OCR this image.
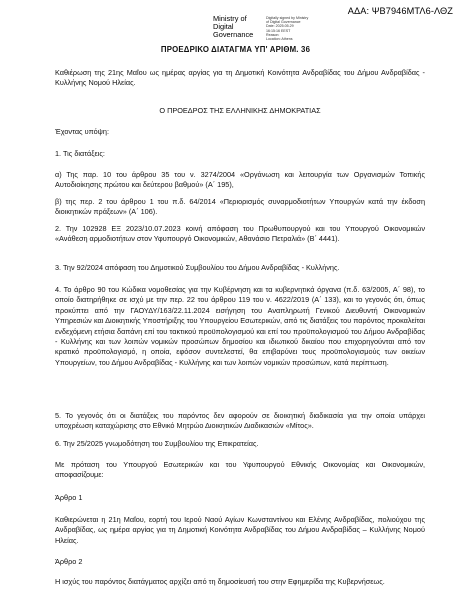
ΑΔΑ: ΨΒ7946ΜΤΛ6-ΛΘΖ
Ministry of
Digital
Governance
Digitally signed by Ministry
of Digital Governance
Date: 2025.05.29
16:15:16 EEST
Reason:
Location: Athens
ΠΡΟΕΔΡΙΚΟ ΔΙΑΤΑΓΜΑ ΥΠ' ΑΡΙΘΜ. 36
Καθιέρωση της 21ης Μαΐου ως ημέρας αργίας για τη Δημοτική Κοινότητα Ανδραβίδας του Δήμου Ανδραβίδας - Κυλλήνης Νομού Ηλείας.
Ο ΠΡΟΕΔΡΟΣ ΤΗΣ ΕΛΛΗΝΙΚΗΣ ΔΗΜΟΚΡΑΤΙΑΣ
Έχοντας υπόψη:
1. Τις διατάξεις:
α) Της παρ. 10 του άρθρου 35 του ν. 3274/2004 «Οργάνωση και λειτουργία των Οργανισμών Τοπικής Αυτοδιοίκησης πρώτου και δεύτερου βαθμού» (Α΄ 195),
β) της περ. 2 του άρθρου 1 του π.δ. 64/2014 «Περιορισμός συναρμοδιοτήτων Υπουργών κατά την έκδοση διοικητικών πράξεων» (Α΄ 106).
2. Την 102928 ΕΞ 2023/10.07.2023 κοινή απόφαση του Πρωθυπουργού και του Υπουργού Οικονομικών «Ανάθεση αρμοδιοτήτων στον Υφυπουργό Οικονομικών, Αθανάσιο Πετραλιά» (Β΄ 4441).
3. Την 92/2024 απόφαση του Δημοτικού Συμβουλίου του Δήμου Ανδραβίδας - Κυλλήνης.
4. Το άρθρο 90 του Κώδικα νομοθεσίας για την Κυβέρνηση και τα κυβερνητικά όργανα (π.δ. 63/2005, Α΄ 98), το οποίο διατηρήθηκε σε ισχύ με την περ. 22 του άρθρου 119 του ν. 4622/2019 (Α΄ 133), και το γεγονός ότι, όπως προκύπτει από την ΓΑΟΥΔΥ/163/22.11.2024 εισήγηση του Αναπληρωτή Γενικού Διευθυντή Οικονομικών Υπηρεσιών και Διοικητικής Υποστήριξης του Υπουργείου Εσωτερικών, από τις διατάξεις του παρόντος προκαλείται ενδεχόμενη ετήσια δαπάνη επί του τακτικού προϋπολογισμού και επί του προϋπολογισμού του Δήμου Ανδραβίδας - Κυλλήνης και των λοιπών νομικών προσώπων δημοσίου και ιδιωτικού δικαίου που επιχορηγούνται από τον κρατικό προϋπολογισμό, η οποία, εφόσον συντελεστεί, θα επιβαρύνει τους προϋπολογισμούς των οικείων Υπουργείων, του Δήμου Ανδραβίδας - Κυλλήνης και των λοιπών νομικών προσώπων, κατά περίπτωση.
5. Το γεγονός ότι οι διατάξεις του παρόντος δεν αφορούν σε διοικητική διαδικασία για την οποία υπάρχει υποχρέωση καταχώρισης στο Εθνικό Μητρώο Διοικητικών Διαδικασιών «Μίτος».
6. Την 25/2025 γνωμοδότηση του Συμβουλίου της Επικρατείας.
Με πρόταση του Υπουργού Εσωτερικών και του Υφυπουργού Εθνικής Οικονομίας και Οικονομικών, αποφασίζουμε:
Άρθρο 1
Καθιερώνεται η 21η Μαΐου, εορτή του Ιερού Ναού Αγίων Κωνσταντίνου και Ελένης Ανδραβίδας, πολιούχου της Ανδραβίδας, ως ημέρα αργίας για τη Δημοτική Κοινότητα Ανδραβίδας του Δήμου Ανδραβίδας – Κυλλήνης Νομού Ηλείας.
Άρθρο 2
Η ισχύς του παρόντος διατάγματος αρχίζει από τη δημοσίευσή του στην Εφημερίδα της Κυβερνήσεως.
